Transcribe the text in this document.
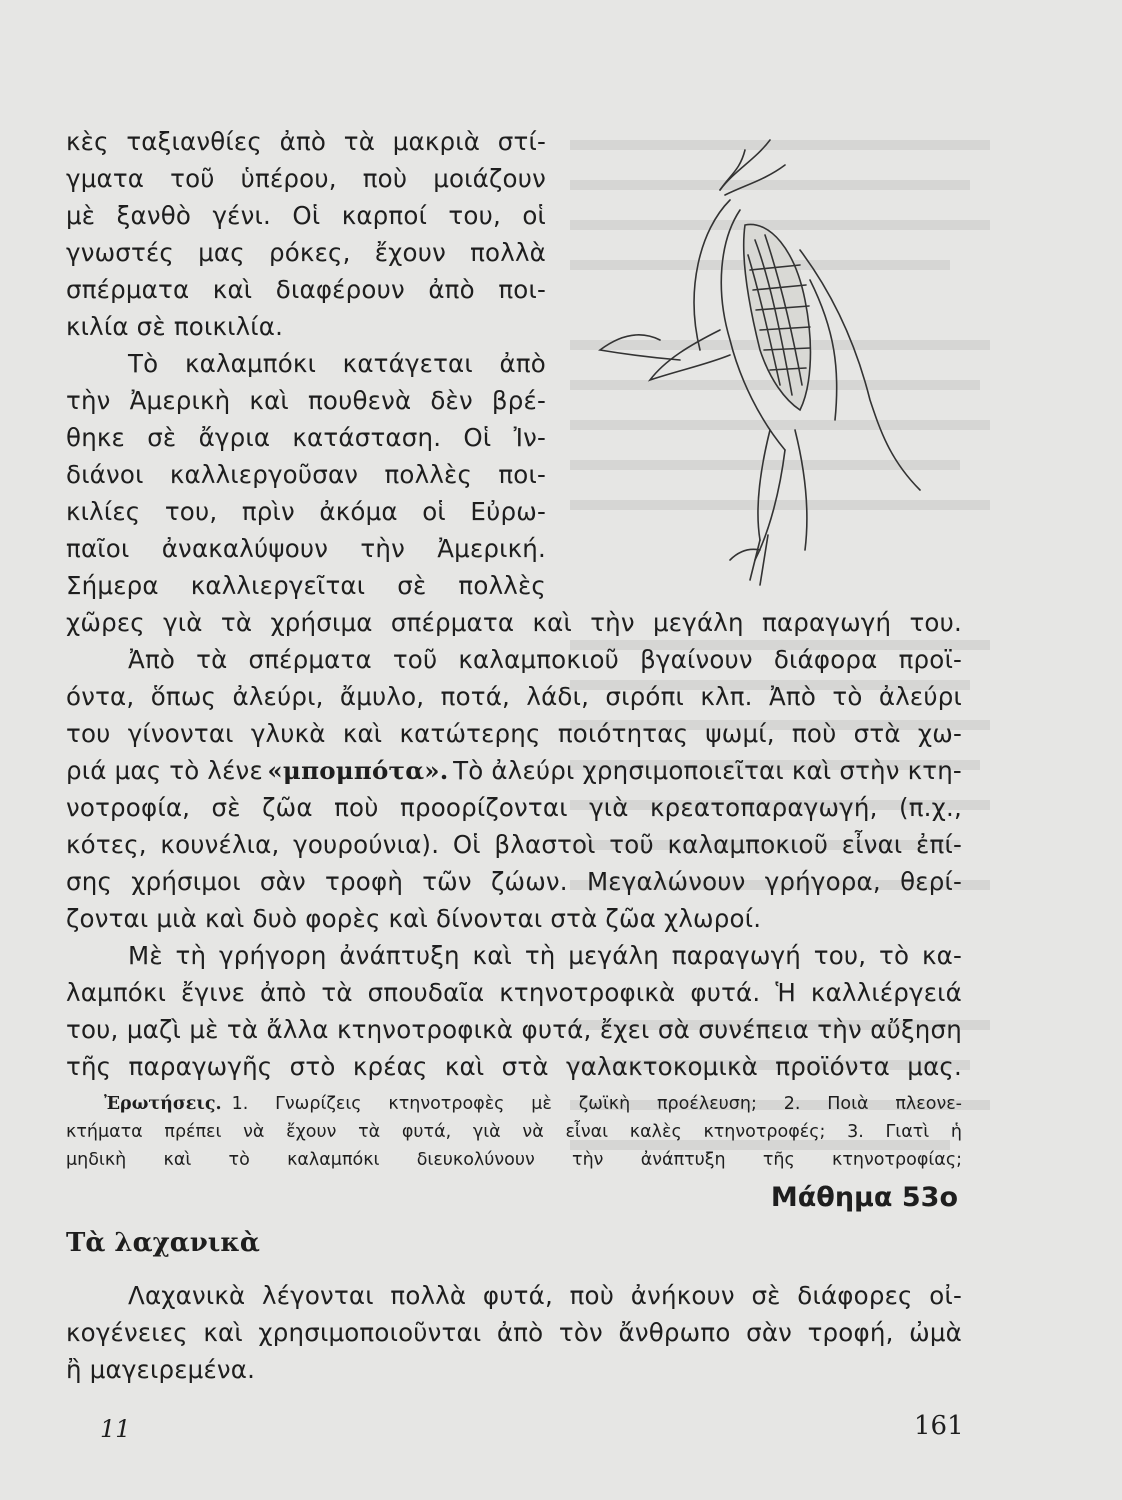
κὲς ταξιανθίες ἀπὸ τὰ μακριὰ στί-
γματα τοῦ ὑπέρου, ποὺ μοιάζουν
μὲ ξανθὸ γένι. Οἱ καρποί του, οἱ
γνωστές μας ρόκες, ἔχουν πολλὰ
σπέρματα καὶ διαφέρουν ἀπὸ ποι-
κιλία σὲ ποικιλία.
Τὸ καλαμπόκι κατάγεται ἀπὸ
τὴν Ἀμερικὴ καὶ πουθενὰ δὲν βρέ-
θηκε σὲ ἄγρια κατάσταση. Οἱ Ἰν-
διάνοι καλλιεργοῦσαν πολλὲς ποι-
κιλίες του, πρὶν ἀκόμα οἱ Εὐρω-
παῖοι ἀνακαλύψουν τὴν Ἀμερική.
Σήμερα καλλιεργεῖται σὲ πολλὲς
χῶρες γιὰ τὰ χρήσιμα σπέρματα καὶ τὴν μεγάλη παραγωγή του.
Ἀπὸ τὰ σπέρματα τοῦ καλαμποκιοῦ βγαίνουν διάφορα προϊ-
όντα, ὅπως ἀλεύρι, ἄμυλο, ποτά, λάδι, σιρόπι κλπ. Ἀπὸ τὸ ἀλεύρι
του γίνονται γλυκὰ καὶ κατώτερης ποιότητας ψωμί, ποὺ στὰ χω-
ριά μας τὸ λένε «μπομπότα». Τὸ ἀλεύρι χρησιμοποιεῖται καὶ στὴν κτη-
νοτροφία, σὲ ζῶα ποὺ προορίζονται γιὰ κρεατοπαραγωγή, (π.χ.,
κότες, κουνέλια, γουρούνια). Οἱ βλαστοὶ τοῦ καλαμποκιοῦ εἶναι ἐπί-
σης χρήσιμοι σὰν τροφὴ τῶν ζώων. Μεγαλώνουν γρήγορα, θερί-
ζονται μιὰ καὶ δυὸ φορὲς καὶ δίνονται στὰ ζῶα χλωροί.
Μὲ τὴ γρήγορη ἀνάπτυξη καὶ τὴ μεγάλη παραγωγή του, τὸ κα-
λαμπόκι ἔγινε ἀπὸ τὰ σπουδαῖα κτηνοτροφικὰ φυτά. Ἡ καλλιέργειά
του, μαζὶ μὲ τὰ ἄλλα κτηνοτροφικὰ φυτά, ἔχει σὰ συνέπεια τὴν αὔξηση
τῆς παραγωγῆς στὸ κρέας καὶ στὰ γαλακτοκομικὰ προϊόντα μας.
Ἐρωτήσεις. 1. Γνωρίζεις κτηνοτροφὲς μὲ ζωϊκὴ προέλευση; 2. Ποιὰ πλεονε-
κτήματα πρέπει νὰ ἔχουν τὰ φυτά, γιὰ νὰ εἶναι καλὲς κτηνοτροφές; 3. Γιατὶ ἡ
μηδικὴ καὶ τὸ καλαμπόκι διευκολύνουν τὴν ἀνάπτυξη τῆς κτηνοτροφίας;
Μάθημα 53ο
Τὰ λαχανικὰ
Λαχανικὰ λέγονται πολλὰ φυτά, ποὺ ἀνήκουν σὲ διάφορες οἰ-
κογένειες καὶ χρησιμοποιοῦνται ἀπὸ τὸν ἄνθρωπο σὰν τροφή, ὠμὰ
ἢ μαγειρεμένα.
11	161
